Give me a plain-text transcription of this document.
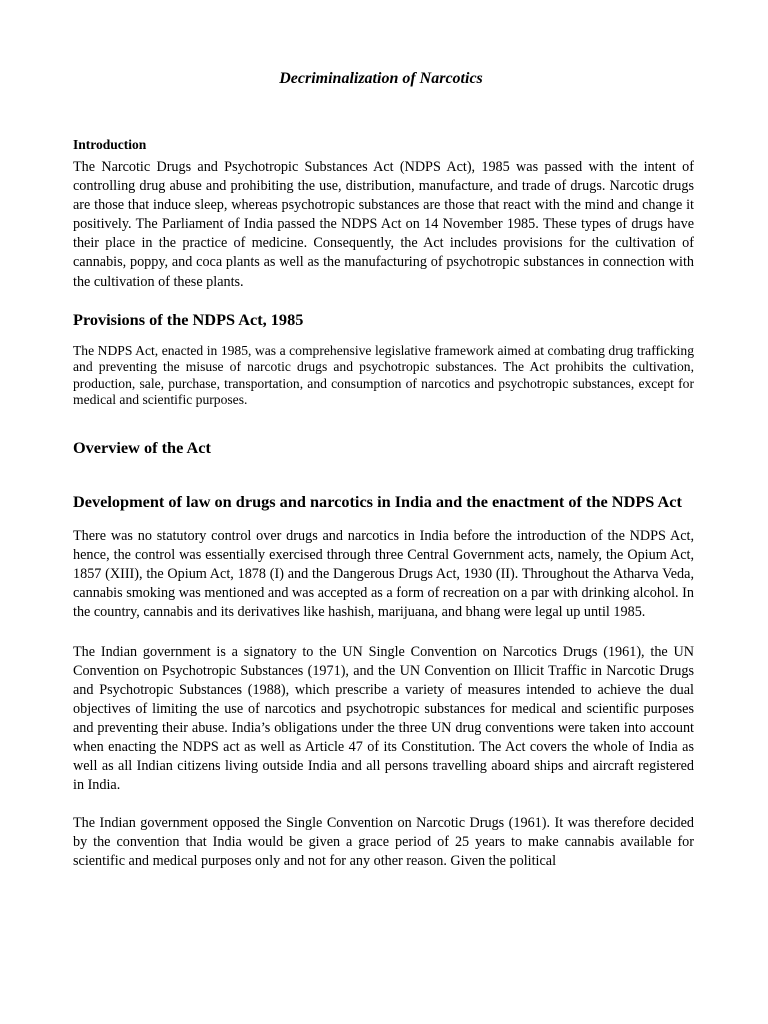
Decriminalization of Narcotics
Introduction

The Narcotic Drugs and Psychotropic Substances Act (NDPS Act), 1985 was passed with the intent of controlling drug abuse and prohibiting the use, distribution, manufacture, and trade of drugs. Narcotic drugs are those that induce sleep, whereas psychotropic substances are those that react with the mind and change it positively. The Parliament of India passed the NDPS Act on 14 November 1985. These types of drugs have their place in the practice of medicine. Consequently, the Act includes provisions for the cultivation of cannabis, poppy, and coca plants as well as the manufacturing of psychotropic substances in connection with the cultivation of these plants.

Provisions of the NDPS Act, 1985

The NDPS Act, enacted in 1985, was a comprehensive legislative framework aimed at combating drug trafficking and preventing the misuse of narcotic drugs and psychotropic substances. The Act prohibits the cultivation, production, sale, purchase, transportation, and consumption of narcotics and psychotropic substances, except for medical and scientific purposes.

Overview of the Act
Development of law on drugs and narcotics in India and the enactment of the NDPS Act

There was no statutory control over drugs and narcotics in India before the introduction of the NDPS Act, hence, the control was essentially exercised through three Central Government acts, namely, the Opium Act, 1857 (XIII), the Opium Act, 1878 (I) and the Dangerous Drugs Act, 1930 (II). Throughout the Atharva Veda, cannabis smoking was mentioned and was accepted as a form of recreation on a par with drinking alcohol. In the country, cannabis and its derivatives like hashish, marijuana, and bhang were legal up until 1985.

The Indian government is a signatory to the UN Single Convention on Narcotics Drugs (1961), the UN Convention on Psychotropic Substances (1971), and the UN Convention on Illicit Traffic in Narcotic Drugs and Psychotropic Substances (1988), which prescribe a variety of measures intended to achieve the dual objectives of limiting the use of narcotics and psychotropic substances for medical and scientific purposes and preventing their abuse. India’s obligations under the three UN drug conventions were taken into account when enacting the NDPS act as well as Article 47 of its Constitution. The Act covers the whole of India as well as all Indian citizens living outside India and all persons travelling aboard ships and aircraft registered in India.

The Indian government opposed the Single Convention on Narcotic Drugs (1961). It was therefore decided by the convention that India would be given a grace period of 25 years to make cannabis available for scientific and medical purposes only and not for any other reason. Given the political
